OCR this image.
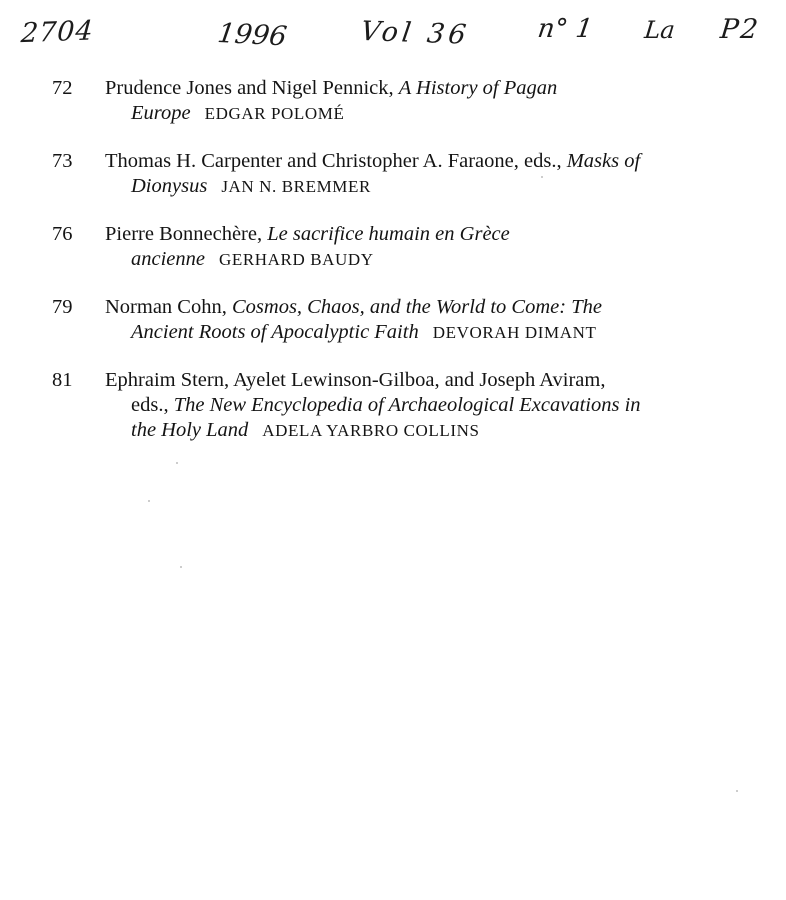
2704	1996	Vol 36 n° 1 La P2
72 Prudence Jones and Nigel Pennick, A History of Pagan
Europe EDGAR POLOMÉ
73 Thomas H. Carpenter and Christopher A. Faraone, eds., Masks of
Dionysus JAN N. BREMMER
76 Pierre Bonnechère, Le sacrifice humain en Grèce
ancienne GERHARD BAUDY
79 Norman Cohn, Cosmos, Chaos, and the World to Come: The
Ancient Roots of Apocalyptic Faith DEVORAH DIMANT
81 Ephraim Stern, Ayelet Lewinson-Gilboa, and Joseph Aviram,
eds., The New Encyclopedia of Archaeological Excavations in
the Holy Land ADELA YARBRO COLLINS
